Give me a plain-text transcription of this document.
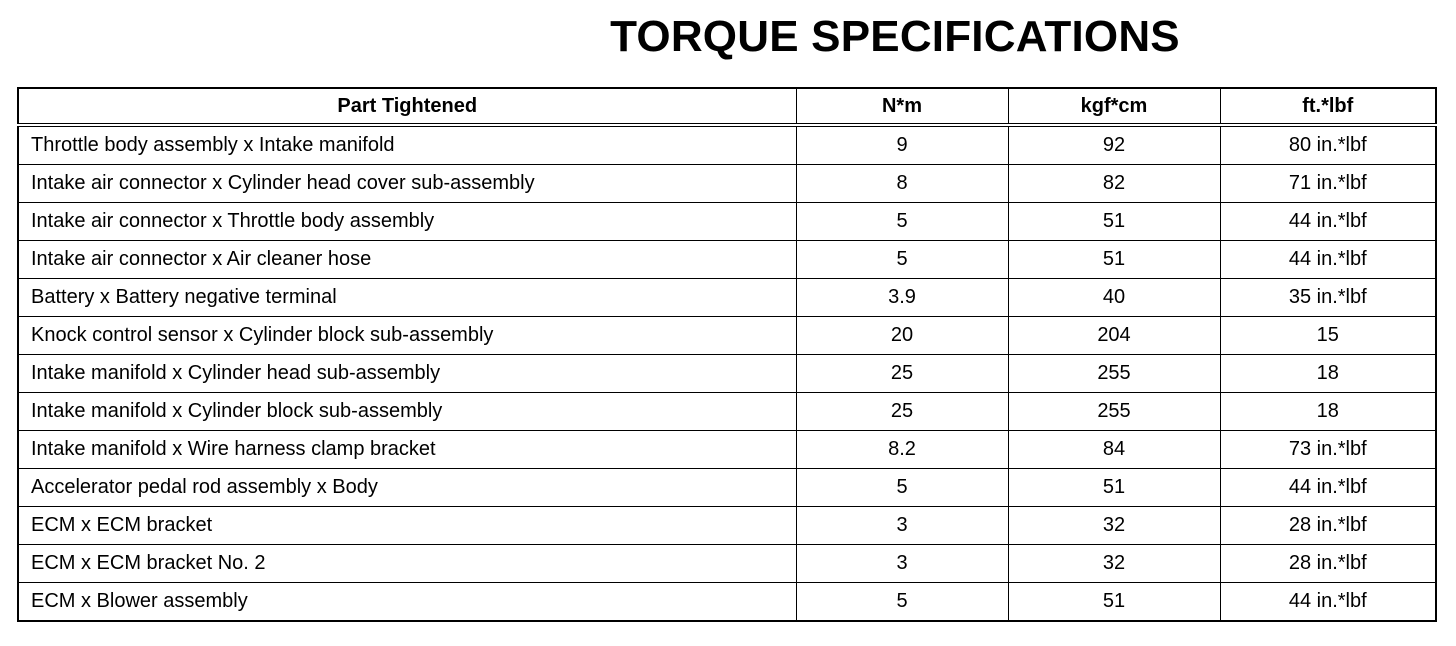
TORQUE SPECIFICATIONS
Part Tightened	N*m	kgf*cm	ft.*lbf
Throttle body assembly x Intake manifold	9	92	80 in.*lbf
Intake air connector x Cylinder head cover sub-assembly	8	82	71 in.*lbf
Intake air connector x Throttle body assembly	5	51	44 in.*lbf
Intake air connector x Air cleaner hose	5	51	44 in.*lbf
Battery x Battery negative terminal	3.9	40	35 in.*lbf
Knock control sensor x Cylinder block sub-assembly	20	204	15
Intake manifold x Cylinder head sub-assembly	25	255	18
Intake manifold x Cylinder block sub-assembly	25	255	18
Intake manifold x Wire harness clamp bracket	8.2	84	73 in.*lbf
Accelerator pedal rod assembly x Body	5	51	44 in.*lbf
ECM x ECM bracket	3	32	28 in.*lbf
ECM x ECM bracket No. 2	3	32	28 in.*lbf
ECM x Blower assembly	5	51	44 in.*lbf
